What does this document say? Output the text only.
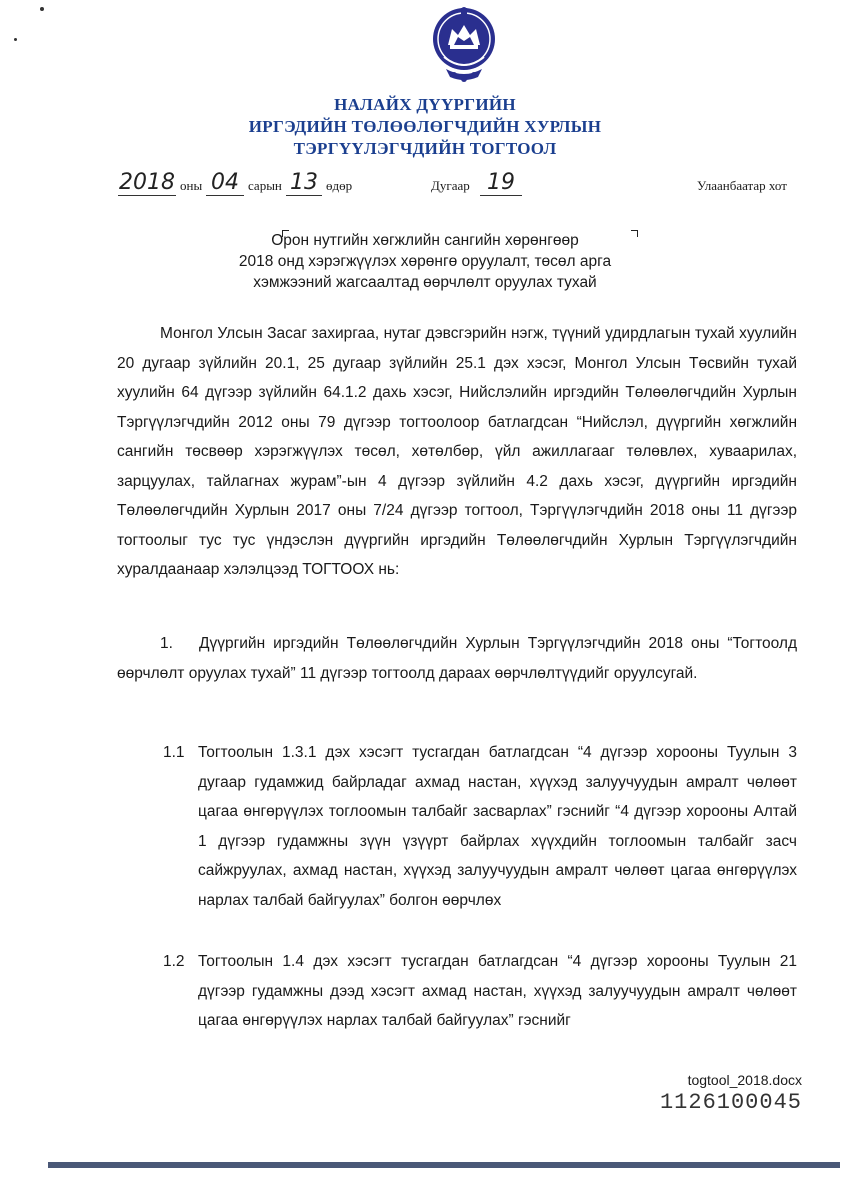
НАЛАЙХ ДҮҮРГИЙН
ИРГЭДИЙН ТӨЛӨӨЛӨГЧДИЙН ХУРЛЫН
ТЭРГҮҮЛЭГЧДИЙН ТОГТООЛ
2018 оны 04 сарын 13 өдөр	Дугаар 19	Улаанбаатар хот
Орон нутгийн хөгжлийн сангийн хөрөнгөөр
2018 онд хэрэгжүүлэх хөрөнгө оруулалт, төсөл арга
хэмжээний жагсаалтад өөрчлөлт оруулах тухай
Монгол Улсын Засаг захиргаа, нутаг дэвсгэрийн нэгж, түүний удирдлагын тухай хуулийн 20 дугаар зүйлийн 20.1, 25 дугаар зүйлийн 25.1 дэх хэсэг, Монгол Улсын Төсвийн тухай хуулийн 64 дүгээр зүйлийн 64.1.2 дахь хэсэг, Нийслэлийн иргэдийн Төлөөлөгчдийн Хурлын Тэргүүлэгчдийн 2012 оны 79 дүгээр тогтоолоор батлагдсан “Нийслэл, дүүргийн хөгжлийн сангийн төсвөөр хэрэгжүүлэх төсөл, хөтөлбөр, үйл ажиллагааг төлөвлөх, хуваарилах, зарцуулах, тайлагнах журам”-ын 4 дүгээр зүйлийн 4.2 дахь хэсэг, дүүргийн иргэдийн Төлөөлөгчдийн Хурлын 2017 оны 7/24 дүгээр тогтоол, Тэргүүлэгчдийн 2018 оны 11 дүгээр тогтоолыг тус тус үндэслэн дүүргийн иргэдийн Төлөөлөгчдийн Хурлын Тэргүүлэгчдийн хуралдаанаар хэлэлцээд ТОГТООХ нь:
1.	Дүүргийн иргэдийн Төлөөлөгчдийн Хурлын Тэргүүлэгчдийн 2018 оны “Тогтоолд өөрчлөлт оруулах тухай” 11 дүгээр тогтоолд дараах өөрчлөлтүүдийг оруулсугай.
1.1 Тогтоолын 1.3.1 дэх хэсэгт тусгагдан батлагдсан “4 дүгээр хорооны Туулын 3 дугаар гудамжид байрладаг ахмад настан, хүүхэд залуучуудын амралт чөлөөт цагаа өнгөрүүлэх тоглоомын талбайг засварлах” гэснийг “4 дүгээр хорооны Алтай 1 дүгээр гудамжны зүүн үзүүрт байрлах хүүхдийн тоглоомын талбайг засч сайжруулах, ахмад настан, хүүхэд залуучуудын амралт чөлөөт цагаа өнгөрүүлэх нарлах талбай байгуулах” болгон өөрчлөх
1.2 Тогтоолын 1.4 дэх хэсэгт тусгагдан батлагдсан “4 дүгээр хорооны Туулын 21 дүгээр гудамжны дээд хэсэгт ахмад настан, хүүхэд залуучуудын амралт чөлөөт цагаа өнгөрүүлэх нарлах талбай байгуулах” гэснийг
togtool_2018.docx
1126100045
